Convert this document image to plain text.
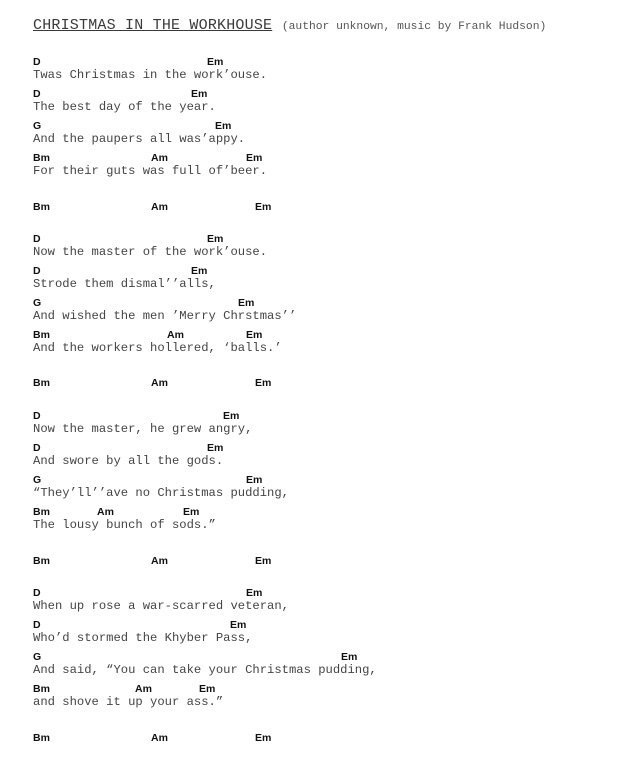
CHRISTMAS IN THE WORKHOUSE (author unknown, music by Frank Hudson)
D	Em
Twas Christmas in the work’ouse.
D	Em
The best day of the year.
G	Em
And the paupers all was’appy.
Bm	Am	Em
For their guts was full of’beer.
Bm	Am	Em
D	Em
Now the master of the work’ouse.
D	Em
Strode them dismal’’alls,
G	Em
And wished the men ’Merry Chrstmas’’
Bm	Am	Em
And the workers hollered, ‘balls.’
Bm	Am	Em
D	Em
Now the master, he grew angry,
D	Em
And swore by all the gods.
G	Em
“They’ll’’ave no Christmas pudding,
Bm	Am	Em
The lousy bunch of sods.”
Bm	Am	Em
D	Em
When up rose a war-scarred veteran,
D	Em
Who’d stormed the Khyber Pass,
G	Em
And said, “You can take your Christmas pudding,
Bm	Am	Em
and shove it up your ass.”
Bm	Am	Em
